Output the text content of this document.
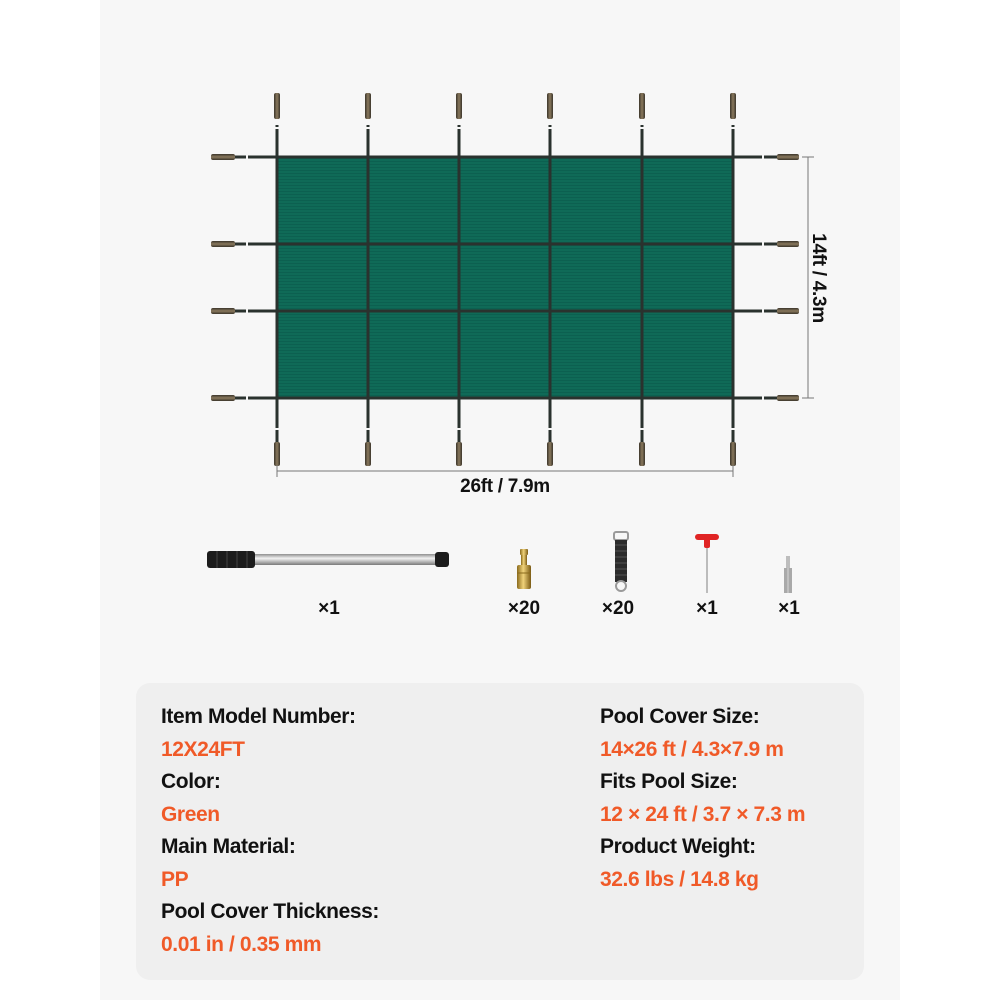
26ft / 7.9m
14ft / 4.3m
×1	×20	×20	×1	×1
Item Model Number:
12X24FT
Color:
Green
Main Material:
PP
Pool Cover Thickness:
0.01 in / 0.35 mm
Pool Cover Size:
14×26 ft / 4.3×7.9 m
Fits Pool Size:
12 × 24 ft / 3.7 × 7.3 m
Product Weight:
32.6 lbs / 14.8 kg
